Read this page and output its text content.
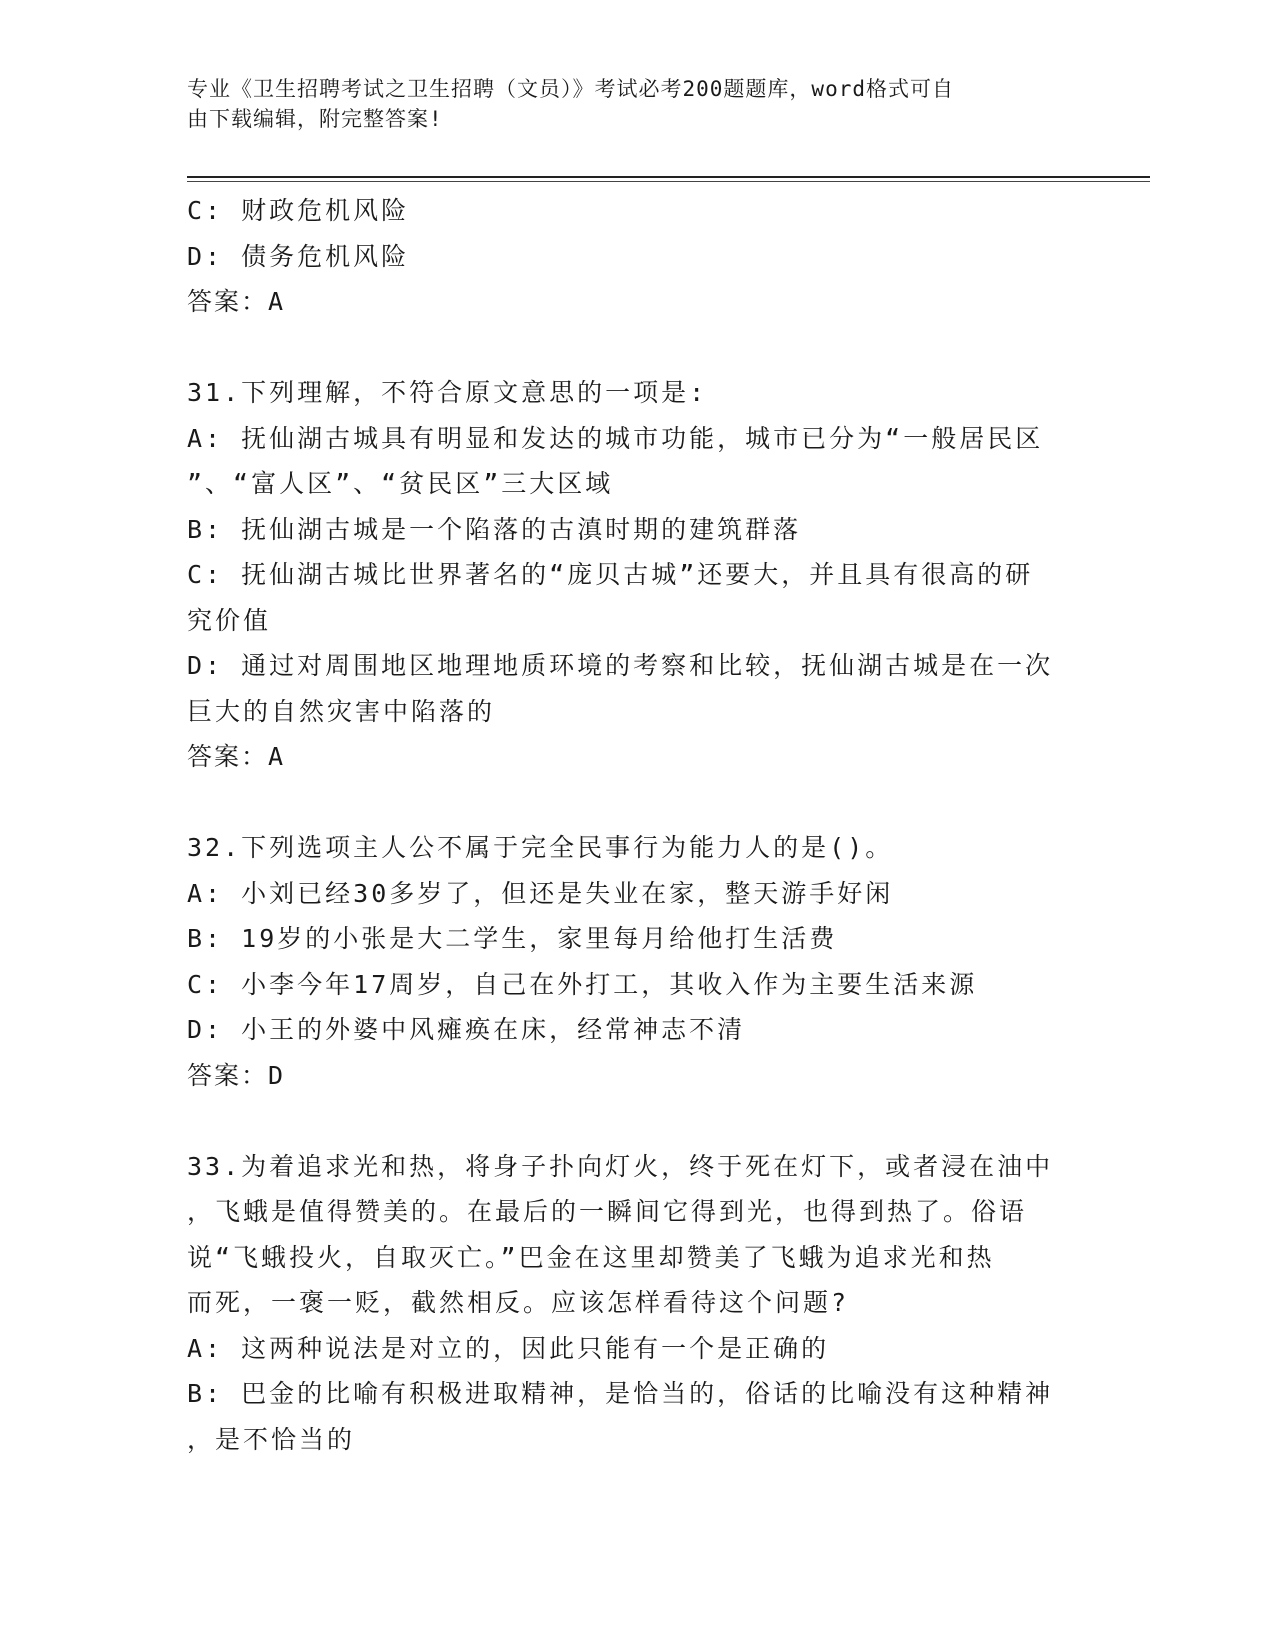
专业《卫生招聘考试之卫生招聘（文员）》考试必考200题题库，word格式可自
由下载编辑，附完整答案!
C: 财政危机风险
D: 债务危机风险
答案：A
31.下列理解，不符合原文意思的一项是:
A: 抚仙湖古城具有明显和发达的城市功能，城市已分为“一般居民区
”、“富人区”、“贫民区”三大区域
B: 抚仙湖古城是一个陷落的古滇时期的建筑群落
C: 抚仙湖古城比世界著名的“庞贝古城”还要大，并且具有很高的研
究价值
D: 通过对周围地区地理地质环境的考察和比较，抚仙湖古城是在一次
巨大的自然灾害中陷落的
答案：A
32.下列选项主人公不属于完全民事行为能力人的是()。
A: 小刘已经30多岁了，但还是失业在家，整天游手好闲
B: 19岁的小张是大二学生，家里每月给他打生活费
C: 小李今年17周岁，自己在外打工，其收入作为主要生活来源
D: 小王的外婆中风瘫痪在床，经常神志不清
答案：D
33.为着追求光和热，将身子扑向灯火，终于死在灯下，或者浸在油中
，飞蛾是值得赞美的。在最后的一瞬间它得到光，也得到热了。俗语
说“飞蛾投火，自取灭亡。”巴金在这里却赞美了飞蛾为追求光和热
而死，一褒一贬，截然相反。应该怎样看待这个问题?
A: 这两种说法是对立的，因此只能有一个是正确的
B: 巴金的比喻有积极进取精神，是恰当的，俗话的比喻没有这种精神
，是不恰当的
